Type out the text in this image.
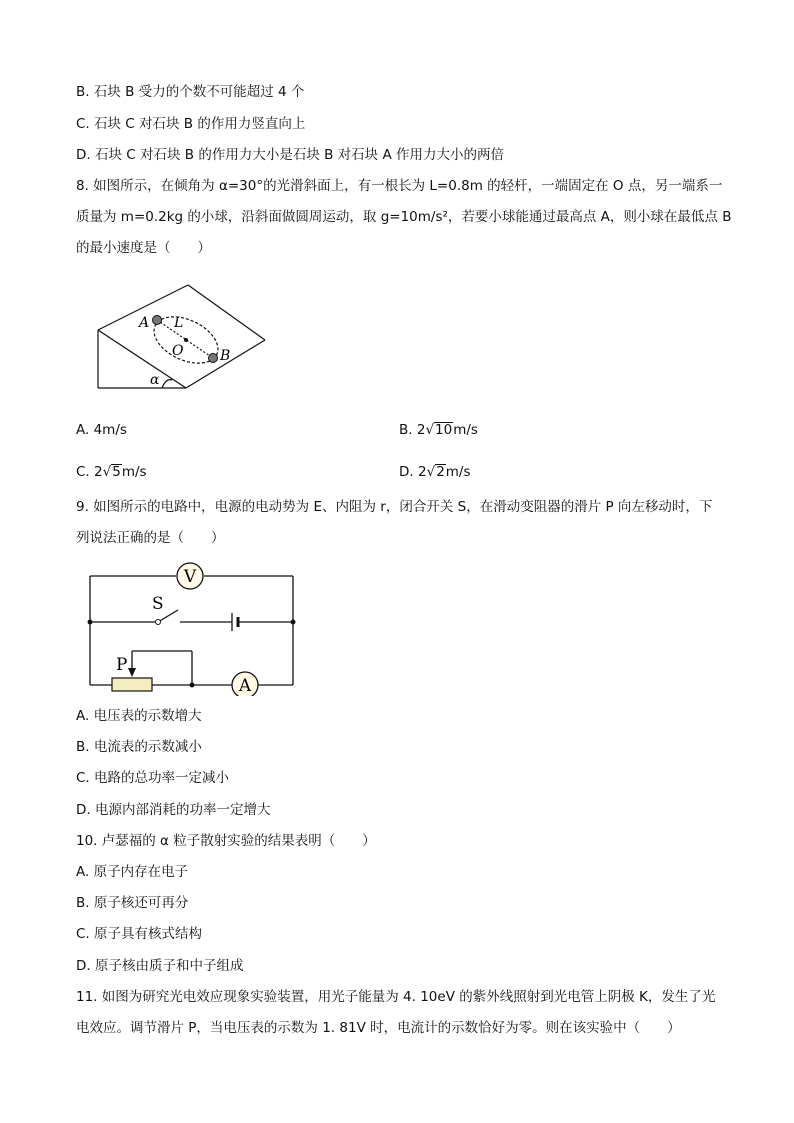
B. 石块 B 受力的个数不可能超过 4 个
C. 石块 C 对石块 B 的作用力竖直向上
D. 石块 C 对石块 B 的作用力大小是石块 B 对石块 A 作用力大小的两倍
8. 如图所示，在倾角为 α=30°的光滑斜面上，有一根长为 L=0.8m 的轻杆，一端固定在 O 点，另一端系一
质量为 m=0.2kg 的小球，沿斜面做圆周运动，取 g=10m/s²，若要小球能通过最高点 A，则小球在最低点 B
的最小速度是（　　）
A L
O	B
α
A. 4m/s	B. 2√10m/s
C. 2√5m/s	D. 2√2m/s
9. 如图所示的电路中，电源的电动势为 E、内阻为 r，闭合开关 S，在滑动变阻器的滑片 P 向左移动时，下
列说法正确的是（　　）
V
A
S
P
A. 电压表的示数增大
B. 电流表的示数减小
C. 电路的总功率一定减小
D. 电源内部消耗的功率一定增大
10. 卢瑟福的 α 粒子散射实验的结果表明（　　）
A. 原子内存在电子
B. 原子核还可再分
C. 原子具有核式结构
D. 原子核由质子和中子组成
11. 如图为研究光电效应现象实验装置，用光子能量为 4. 10eV 的紫外线照射到光电管上阴极 K，发生了光
电效应。调节滑片 P，当电压表的示数为 1. 81V 时，电流计的示数恰好为零。则在该实验中（　　）
